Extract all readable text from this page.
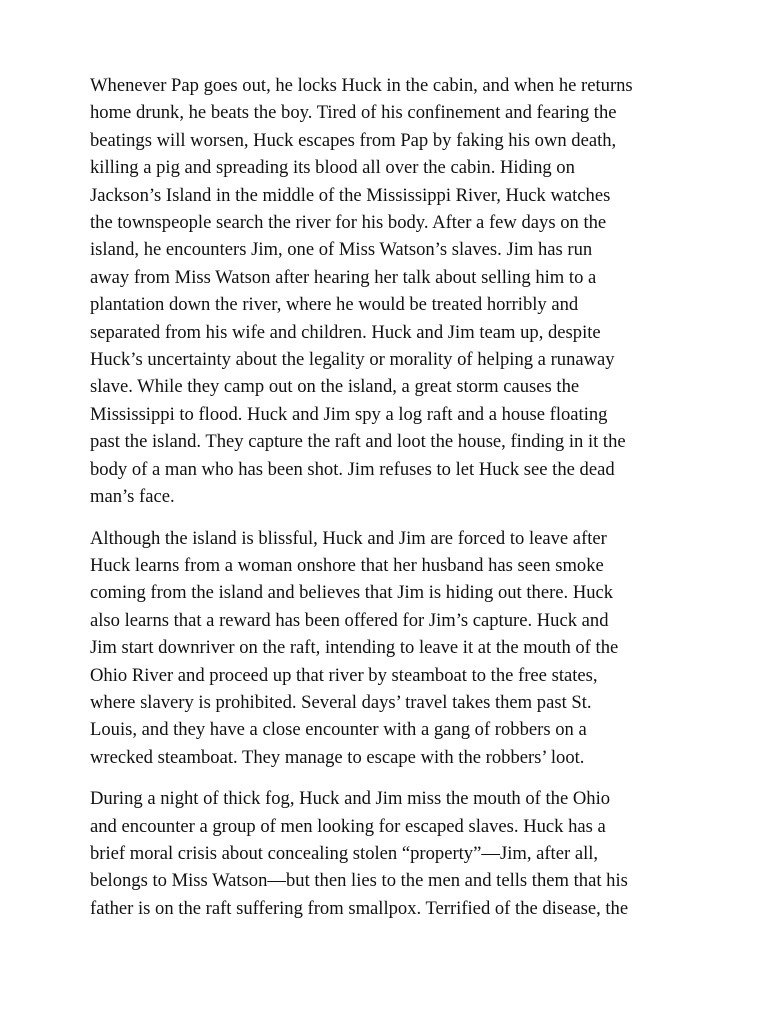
Whenever Pap goes out, he locks Huck in the cabin, and when he returns
home drunk, he beats the boy. Tired of his confinement and fearing the
beatings will worsen, Huck escapes from Pap by faking his own death,
killing a pig and spreading its blood all over the cabin. Hiding on
Jackson’s Island in the middle of the Mississippi River, Huck watches
the townspeople search the river for his body. After a few days on the
island, he encounters Jim, one of Miss Watson’s slaves. Jim has run
away from Miss Watson after hearing her talk about selling him to a
plantation down the river, where he would be treated horribly and
separated from his wife and children. Huck and Jim team up, despite
Huck’s uncertainty about the legality or morality of helping a runaway
slave. While they camp out on the island, a great storm causes the
Mississippi to flood. Huck and Jim spy a log raft and a house floating
past the island. They capture the raft and loot the house, finding in it the
body of a man who has been shot. Jim refuses to let Huck see the dead
man’s face.

Although the island is blissful, Huck and Jim are forced to leave after
Huck learns from a woman onshore that her husband has seen smoke
coming from the island and believes that Jim is hiding out there. Huck
also learns that a reward has been offered for Jim’s capture. Huck and
Jim start downriver on the raft, intending to leave it at the mouth of the
Ohio River and proceed up that river by steamboat to the free states,
where slavery is prohibited. Several days’ travel takes them past St.
Louis, and they have a close encounter with a gang of robbers on a
wrecked steamboat. They manage to escape with the robbers’ loot.

During a night of thick fog, Huck and Jim miss the mouth of the Ohio
and encounter a group of men looking for escaped slaves. Huck has a
brief moral crisis about concealing stolen “property”—Jim, after all,
belongs to Miss Watson—but then lies to the men and tells them that his
father is on the raft suffering from smallpox. Terrified of the disease, the
